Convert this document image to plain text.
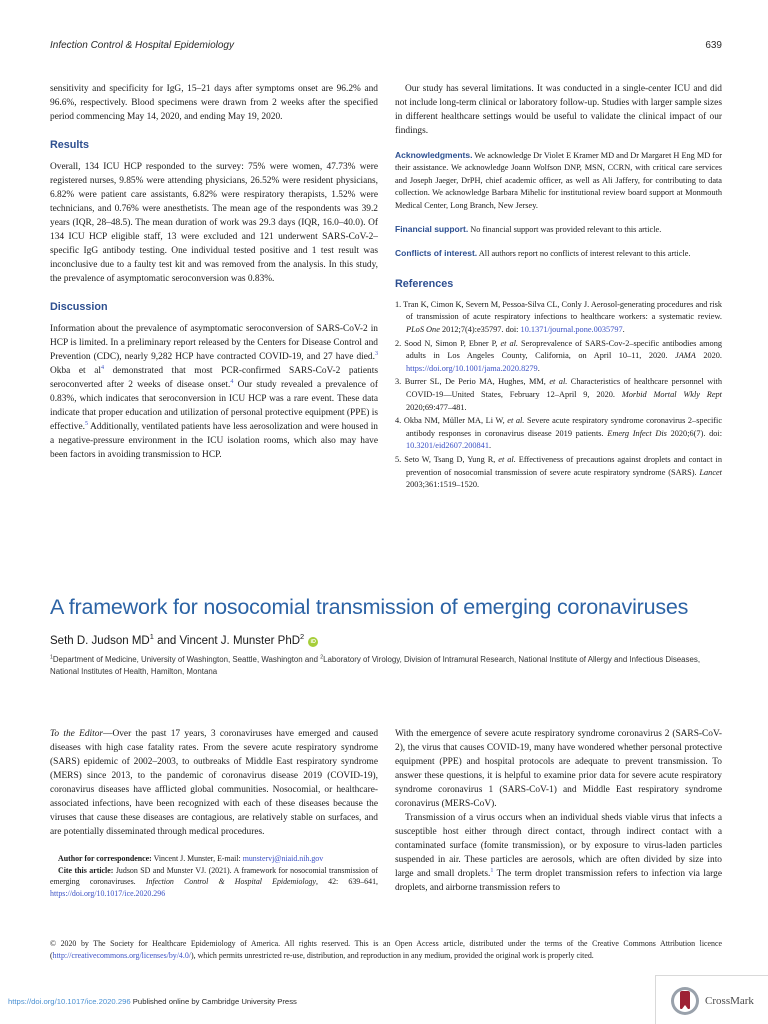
Infection Control & Hospital Epidemiology	639

sensitivity and specificity for IgG, 15–21 days after symptoms onset are 96.2% and 96.6%, respectively. Blood specimens were drawn from 2 weeks after the specified period commencing May 14, 2020, and ending May 19, 2020.

Results

Overall, 134 ICU HCP responded to the survey: 75% were women, 47.73% were registered nurses, 9.85% were attending physicians, 26.52% were resident physicians, 6.82% were patient care assistants, 6.82% were respiratory therapists, 1.52% were technicians, and 0.76% were anesthetists. The mean age of the respondents was 39.2 years (IQR, 28–48.5). The mean duration of work was 29.3 days (IQR, 16.0–40.0). Of 134 ICU HCP eligible staff, 13 were excluded and 121 underwent SARS-CoV-2–specific IgG antibody testing. One individual tested positive and 1 test result was inconclusive due to a faulty test kit and was removed from the analysis. In this study, the prevalence of asymptomatic seroconversion was 0.83%.

Discussion

Information about the prevalence of asymptomatic seroconversion of SARS-CoV-2 in HCP is limited. In a preliminary report released by the Centers for Disease Control and Prevention (CDC), nearly 9,282 HCP have contracted COVID-19, and 27 have died.$^3$ Okba et al$^4$ demonstrated that most PCR-confirmed SARS-CoV-2 patients seroconverted after 2 weeks of disease onset.$^4$ Our study revealed a prevalence of 0.83%, which indicates that seroconversion in ICU HCP was a rare event. These data indicate that proper education and utilization of personal protective equipment (PPE) is effective.$^5$ Additionally, ventilated patients have less aerosolization and were housed in a negative-pressure environment in the ICU isolation rooms, which also may have been factors in avoiding transmission to HCP.

Our study has several limitations. It was conducted in a single-center ICU and did not include long-term clinical or laboratory follow-up. Studies with larger sample sizes in different healthcare settings would be useful to validate the clinical impact of our findings.

Acknowledgments. We acknowledge Dr Violet E Kramer MD and Dr Margaret H Eng MD for their assistance. We acknowledge Joann Wolfson DNP, MSN, CCRN, with critical care services and Joseph Jaeger, DrPH, chief academic officer, as well as Ali Jaffery, for contributing to data collection. We acknowledge Barbara Mihelic for institutional review board support at Monmouth Medical Center, Long Branch, New Jersey.

Financial support. No financial support was provided relevant to this article.

Conflicts of interest. All authors report no conflicts of interest relevant to this article.

References
1. Tran K, Cimon K, Severn M, Pessoa-Silva CL, Conly J. Aerosol-generating procedures and risk of transmission of acute respiratory infections to healthcare workers: a systematic review. PLoS One 2012;7(4):e35797. doi: 10.1371/journal.pone.0035797.
2. Sood N, Simon P, Ebner P, et al. Seroprevalence of SARS-Cov-2–specific antibodies among adults in Los Angeles County, California, on April 10–11, 2020. JAMA 2020. https://doi.org/10.1001/jama.2020.8279.
3. Burrer SL, De Perio MA, Hughes, MM, et al. Characteristics of healthcare personnel with COVID-19—United States, February 12–April 9, 2020. Morbid Mortal Wkly Rept 2020;69:477–481.
4. Okba NM, Müller MA, Li W, et al. Severe acute respiratory syndrome coronavirus 2–specific antibody responses in coronavirus disease 2019 patients. Emerg Infect Dis 2020;6(7). doi: 10.3201/eid2607.200841.
5. Seto W, Tsang D, Yung R, et al. Effectiveness of precautions against droplets and contact in prevention of nosocomial transmission of severe acute respiratory syndrome (SARS). Lancet 2003;361:1519–1520.
A framework for nosocomial transmission of emerging coronaviruses
Seth D. Judson $MD^1$ and Vincent J. Munster PhD$^2$iD
$^1$Department of Medicine, University of Washington, Seattle, Washington and $^2$Laboratory of Virology, Division of Intramural Research, National Institute of Allergy and Infectious Diseases, National Institutes of Health, Hamilton, Montana

To the Editor—Over the past 17 years, 3 coronaviruses have emerged and caused diseases with high case fatality rates. From the severe acute respiratory syndrome (SARS) epidemic of 2002–2003, to outbreaks of Middle East respiratory syndrome (MERS) since 2013, to the pandemic of coronavirus disease 2019 (COVID-19), coronavirus diseases have afflicted global communities. Nosocomial, or healthcare-associated infections, have been recognized with each of these diseases because the viruses that cause these diseases are contagious, are relatively stable on surfaces, and are potentially disseminated through medical procedures.

Author for correspondence: Vincent J. Munster, E-mail: munstervj@niaid.nih.gov

Cite this article: Judson SD and Munster VJ. (2021). A framework for nosocomial transmission of emerging coronaviruses. Infection Control & Hospital Epidemiology, 42: 639–641, https://doi.org/10.1017/ice.2020.296

With the emergence of severe acute respiratory syndrome coronavirus 2 (SARS-CoV-2), the virus that causes COVID-19, many have wondered whether personal protective equipment (PPE) and hospital protocols are adequate to prevent transmission. To answer these questions, it is helpful to examine prior data for severe acute respiratory syndrome coronavirus 1 (SARS-CoV-1) and Middle East respiratory syndrome coronavirus (MERS-CoV).

Transmission of a virus occurs when an individual sheds viable virus that infects a susceptible host either through direct contact, through indirect contact with a contaminated surface (fomite transmission), or by exposure to virus-laden particles suspended in air. These particles are aerosols, which are often divided by size into large and small droplets.$^1$ The term droplet transmission refers to infection via large droplets, and airborne transmission refers to

© 2020 by The Society for Healthcare Epidemiology of America. All rights reserved. This is an Open Access article, distributed under the terms of the Creative Commons Attribution licence (http://creativecommons.org/licenses/by/4.0/), which permits unrestricted re-use, distribution, and reproduction in any medium, provided the original work is properly cited.
https://doi.org/10.1017/ice.2020.296 Published online by Cambridge University Press	CrossMark
